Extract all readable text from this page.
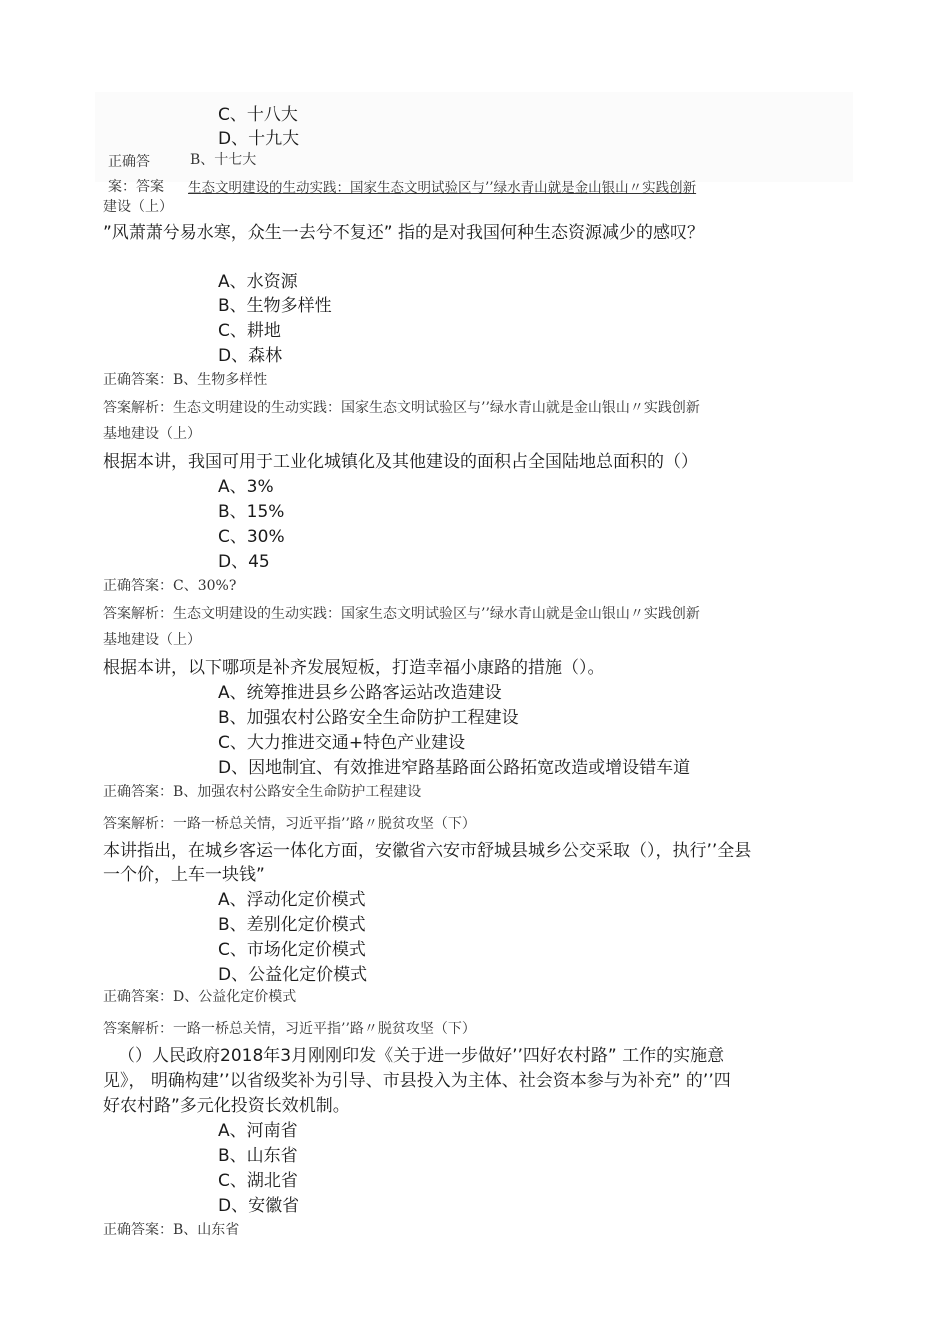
C、十八大
D、十九大
正确答	B、十七大
案：答案 生态文明建设的生动实践：国家生态文明试验区与’’绿水青山就是金山银山〃实践创新
建设（上）
”风萧萧兮易水寒，众生一去兮不复还” 指的是对我国何种生态资源减少的感叹？
A、水资源
B、生物多样性
C、耕地
D、森林
正确答案：B、生物多样性
答案解析：生态文明建设的生动实践：国家生态文明试验区与’’绿水青山就是金山银山〃实践创新
基地建设（上）
根据本讲，我国可用于工业化城镇化及其他建设的面积占全国陆地总面积的（）
A、3%
B、15%
C、30%
D、45
正确答案：C、30%?
答案解析：生态文明建设的生动实践：国家生态文明试验区与’’绿水青山就是金山银山〃实践创新
基地建设（上）
根据本讲，以下哪项是补齐发展短板，打造幸福小康路的措施（）。
A、统筹推进县乡公路客运站改造建设
B、加强农村公路安全生命防护工程建设
C、大力推进交通+特色产业建设
D、因地制宜、有效推进窄路基路面公路拓宽改造或增设错车道
正确答案：B、加强农村公路安全生命防护工程建设
答案解析：一路一桥总关情，习近平指’’路〃脱贫攻坚（下）
本讲指出，在城乡客运一体化方面，安徽省六安市舒城县城乡公交采取（），执行’’全县
一个价，上车一块钱”
A、浮动化定价模式
B、差别化定价模式
C、市场化定价模式
D、公益化定价模式
正确答案：D、公益化定价模式
答案解析：一路一桥总关情，习近平指’’路〃脱贫攻坚（下）
（）人民政府2018年3月刚刚印发《关于进一步做好’’四好农村路” 工作的实施意
见》， 明确构建’’以省级奖补为引导、市县投入为主体、社会资本参与为补充” 的’’四
好农村路”多元化投资长效机制。
A、河南省
B、山东省
C、湖北省
D、安徽省
正确答案：B、山东省
